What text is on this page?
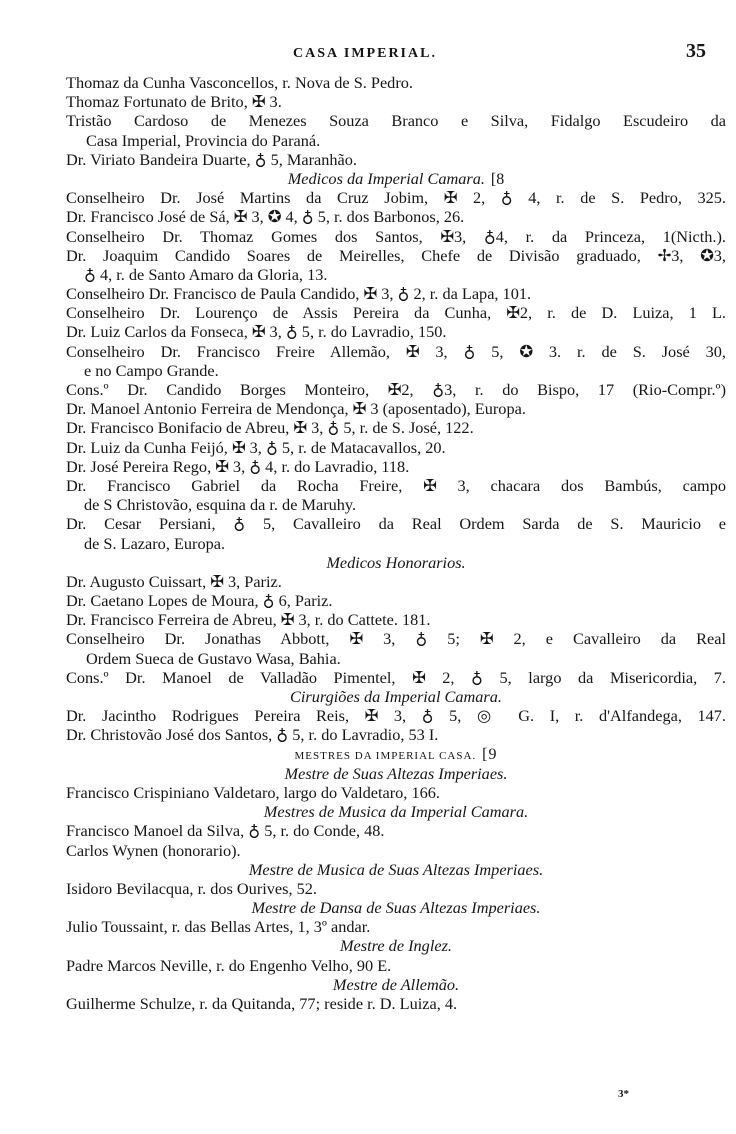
CASA IMPERIAL.	35
Thomaz da Cunha Vasconcellos, r. Nova de S. Pedro.
Thomaz Fortunato de Brito, ✠ 3.
Tristão Cardoso de Menezes Souza Branco e Silva, Fidalgo Escudeiro da
Casa Imperial, Provincia do Paraná.
Dr. Viriato Bandeira Duarte, ♁ 5, Maranhão.
Medicos da Imperial Camara. [8
Conselheiro Dr. José Martins da Cruz Jobim, ✠ 2, ♁ 4, r. de S. Pedro, 325.
Dr. Francisco José de Sá, ✠ 3, ✪ 4, ♁ 5, r. dos Barbonos, 26.
Conselheiro Dr. Thomaz Gomes dos Santos, ✠3, ♁4, r. da Princeza, 1(Nicth.).
Dr. Joaquim Candido Soares de Meirelles, Chefe de Divisão graduado, ✢3, ✪3,
♁ 4, r. de Santo Amaro da Gloria, 13.
Conselheiro Dr. Francisco de Paula Candido, ✠ 3, ♁ 2, r. da Lapa, 101.
Conselheiro Dr. Lourenço de Assis Pereira da Cunha, ✠2, r. de D. Luiza, 1 L.
Dr. Luiz Carlos da Fonseca, ✠ 3, ♁ 5, r. do Lavradio, 150.
Conselheiro Dr. Francisco Freire Allemão, ✠ 3, ♁ 5, ✪ 3. r. de S. José 30,
e no Campo Grande.
Cons.º Dr. Candido Borges Monteiro, ✠2, ♁3, r. do Bispo, 17 (Rio-Compr.º)
Dr. Manoel Antonio Ferreira de Mendonça, ✠ 3 (aposentado), Europa.
Dr. Francisco Bonifacio de Abreu, ✠ 3, ♁ 5, r. de S. José, 122.
Dr. Luiz da Cunha Feijó, ✠ 3, ♁ 5, r. de Matacavallos, 20.
Dr. José Pereira Rego, ✠ 3, ♁ 4, r. do Lavradio, 118.
Dr. Francisco Gabriel da Rocha Freire, ✠ 3, chacara dos Bambús, campo
de S Christovão, esquina da r. de Maruhy.
Dr. Cesar Persiani, ♁ 5, Cavalleiro da Real Ordem Sarda de S. Mauricio e
de S. Lazaro, Europa.
Medicos Honorarios.
Dr. Augusto Cuissart, ✠ 3, Pariz.
Dr. Caetano Lopes de Moura, ♁ 6, Pariz.
Dr. Francisco Ferreira de Abreu, ✠ 3, r. do Cattete. 181.
Conselheiro Dr. Jonathas Abbott, ✠ 3, ♁ 5; ✠ 2, e Cavalleiro da Real
Ordem Sueca de Gustavo Wasa, Bahia.
Cons.º Dr. Manoel de Valladão Pimentel, ✠ 2, ♁ 5, largo da Misericordia, 7.
Cirurgiões da Imperial Camara.
Dr. Jacintho Rodrigues Pereira Reis, ✠ 3, ♁ 5, ◎ G. I, r. d'Alfandega, 147.
Dr. Christovão José dos Santos, ♁ 5, r. do Lavradio, 53 I.
MESTRES DA IMPERIAL CASA. [9
Mestre de Suas Altezas Imperiaes.
Francisco Crispiniano Valdetaro, largo do Valdetaro, 166.
Mestres de Musica da Imperial Camara.
Francisco Manoel da Silva, ♁ 5, r. do Conde, 48.
Carlos Wynen (honorario).
Mestre de Musica de Suas Altezas Imperiaes.
Isidoro Bevilacqua, r. dos Ourives, 52.
Mestre de Dansa de Suas Altezas Imperiaes.
Julio Toussaint, r. das Bellas Artes, 1, 3º andar.
Mestre de Inglez.
Padre Marcos Neville, r. do Engenho Velho, 90 E.
Mestre de Allemão.
Guilherme Schulze, r. da Quitanda, 77; reside r. D. Luiza, 4.
3*
